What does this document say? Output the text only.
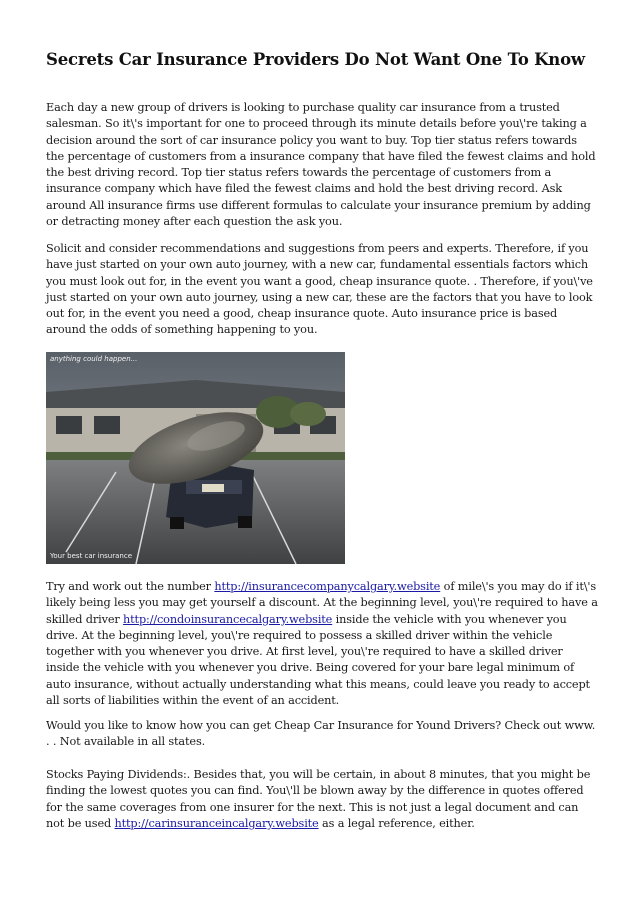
Secrets Car Insurance Providers Do Not Want One To Know

Each day a new group of drivers is looking to purchase quality car insurance from a trusted salesman. So it\'s important for one to proceed through its minute details before you\'re taking a decision around the sort of car insurance policy you want to buy. Top tier status refers towards the percentage of customers from a insurance company that have filed the fewest claims and hold the best driving record. Top tier status refers towards the percentage of customers from a insurance company which have filed the fewest claims and hold the best driving record. Ask around All insurance firms use different formulas to calculate your insurance premium by adding or detracting money after each question the ask you.

Solicit and consider recommendations and suggestions from peers and experts. Therefore, if you have just started on your own auto journey, with a new car, fundamental essentials factors which you must look out for, in the event you want a good, cheap insurance quote. . Therefore, if you\'ve just started on your own auto journey, using a new car, these are the factors that you have to look out for, in the event you need a good, cheap insurance quote. Auto insurance price is based around the odds of something happening to you.

anything could happen...
Your best car insurance

Try and work out the number http://insurancecompanycalgary.website of mile\'s you may do if it\'s likely being less you may get yourself a discount. At the beginning level, you\'re required to have a skilled driver http://condoinsurancecalgary.website inside the vehicle with you whenever you drive. At the beginning level, you\'re required to possess a skilled driver within the vehicle together with you whenever you drive. At first level, you\'re required to have a skilled driver inside the vehicle with you whenever you drive. Being covered for your bare legal minimum of auto insurance, without actually understanding what this means, could leave you ready to accept all sorts of liabilities within the event of an accident.

Would you like to know how you can get Cheap Car Insurance for Yound Drivers? Check out www. . . Not available in all states.

Stocks Paying Dividends:. Besides that, you will be certain, in about 8 minutes, that you might be finding the lowest quotes you can find. You\'ll be blown away by the difference in quotes offered for the same coverages from one insurer for the next. This is not just a legal document and can not be used http://carinsuranceincalgary.website as a legal reference, either.
